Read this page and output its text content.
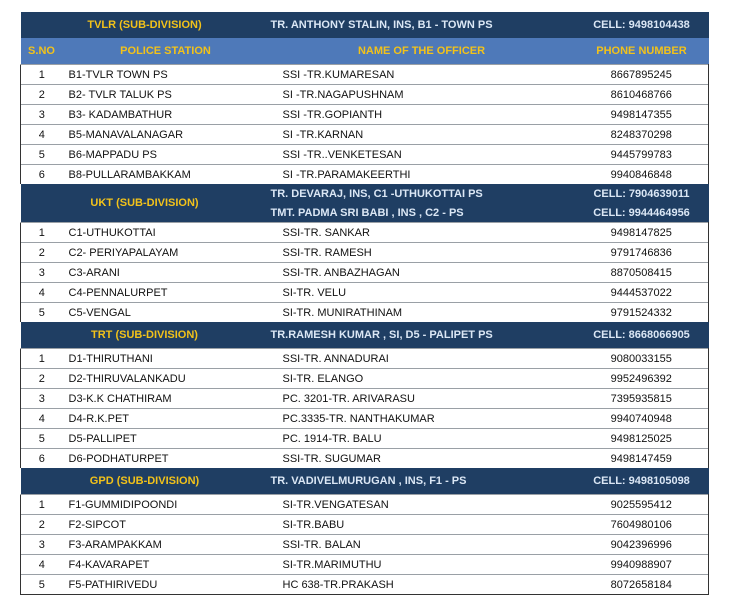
TVLR (SUB-DIVISION)		TR. ANTHONY STALIN, INS, B1 - TOWN PS	CELL: 9498104438
S.NO	POLICE STATION	NAME OF THE OFFICER	PHONE NUMBER
1	B1-TVLR TOWN PS	SSI -TR.KUMARESAN	8667895245
2	B2- TVLR TALUK PS	SI -TR.NAGAPUSHNAM	8610468766
3	B3- KADAMBATHUR	SSI -TR.GOPIANTH	9498147355
4	B5-MANAVALANAGAR	SI -TR.KARNAN	8248370298
5	B6-MAPPADU PS	SSI -TR..VENKETESAN	9445799783
6	B8-PULLARAMBAKKAM	SI -TR.PARAMAKEERTHI	9940846848
UKT (SUB-DIVISION)		TR. DEVARAJ, INS, C1 -UTHUKOTTAI PS	CELL: 7904639011
		TMT. PADMA SRI BABI , INS , C2 - PS	CELL: 9944464956
1	C1-UTHUKOTTAI	SSI-TR. SANKAR	9498147825
2	C2- PERIYAPALAYAM	SSI-TR. RAMESH	9791746836
3	C3-ARANI	SSI-TR. ANBAZHAGAN	8870508415
4	C4-PENNALURPET	SI-TR. VELU	9444537022
5	C5-VENGAL	SI-TR. MUNIRATHINAM	9791524332
TRT (SUB-DIVISION)		TR.RAMESH KUMAR , SI, D5 - PALIPET PS	CELL: 8668066905
1	D1-THIRUTHANI	SSI-TR. ANNADURAI	9080033155
2	D2-THIRUVALANKADU	SI-TR. ELANGO	9952496392
3	D3-K.K CHATHIRAM	PC. 3201-TR. ARIVARASU	7395935815
4	D4-R.K.PET	PC.3335-TR. NANTHAKUMAR	9940740948
5	D5-PALLIPET	PC. 1914-TR. BALU	9498125025
6	D6-PODHATURPET	SSI-TR. SUGUMAR	9498147459
GPD (SUB-DIVISION)		TR. VADIVELMURUGAN , INS, F1 - PS	CELL: 9498105098
1	F1-GUMMIDIPOONDI	SI-TR.VENGATESAN	9025595412
2	F2-SIPCOT	SI-TR.BABU	7604980106
3	F3-ARAMPAKKAM	SSI-TR. BALAN	9042396996
4	F4-KAVARAPET	SI-TR.MARIMUTHU	9940988907
5	F5-PATHIRIVEDU	HC 638-TR.PRAKASH	8072658184
